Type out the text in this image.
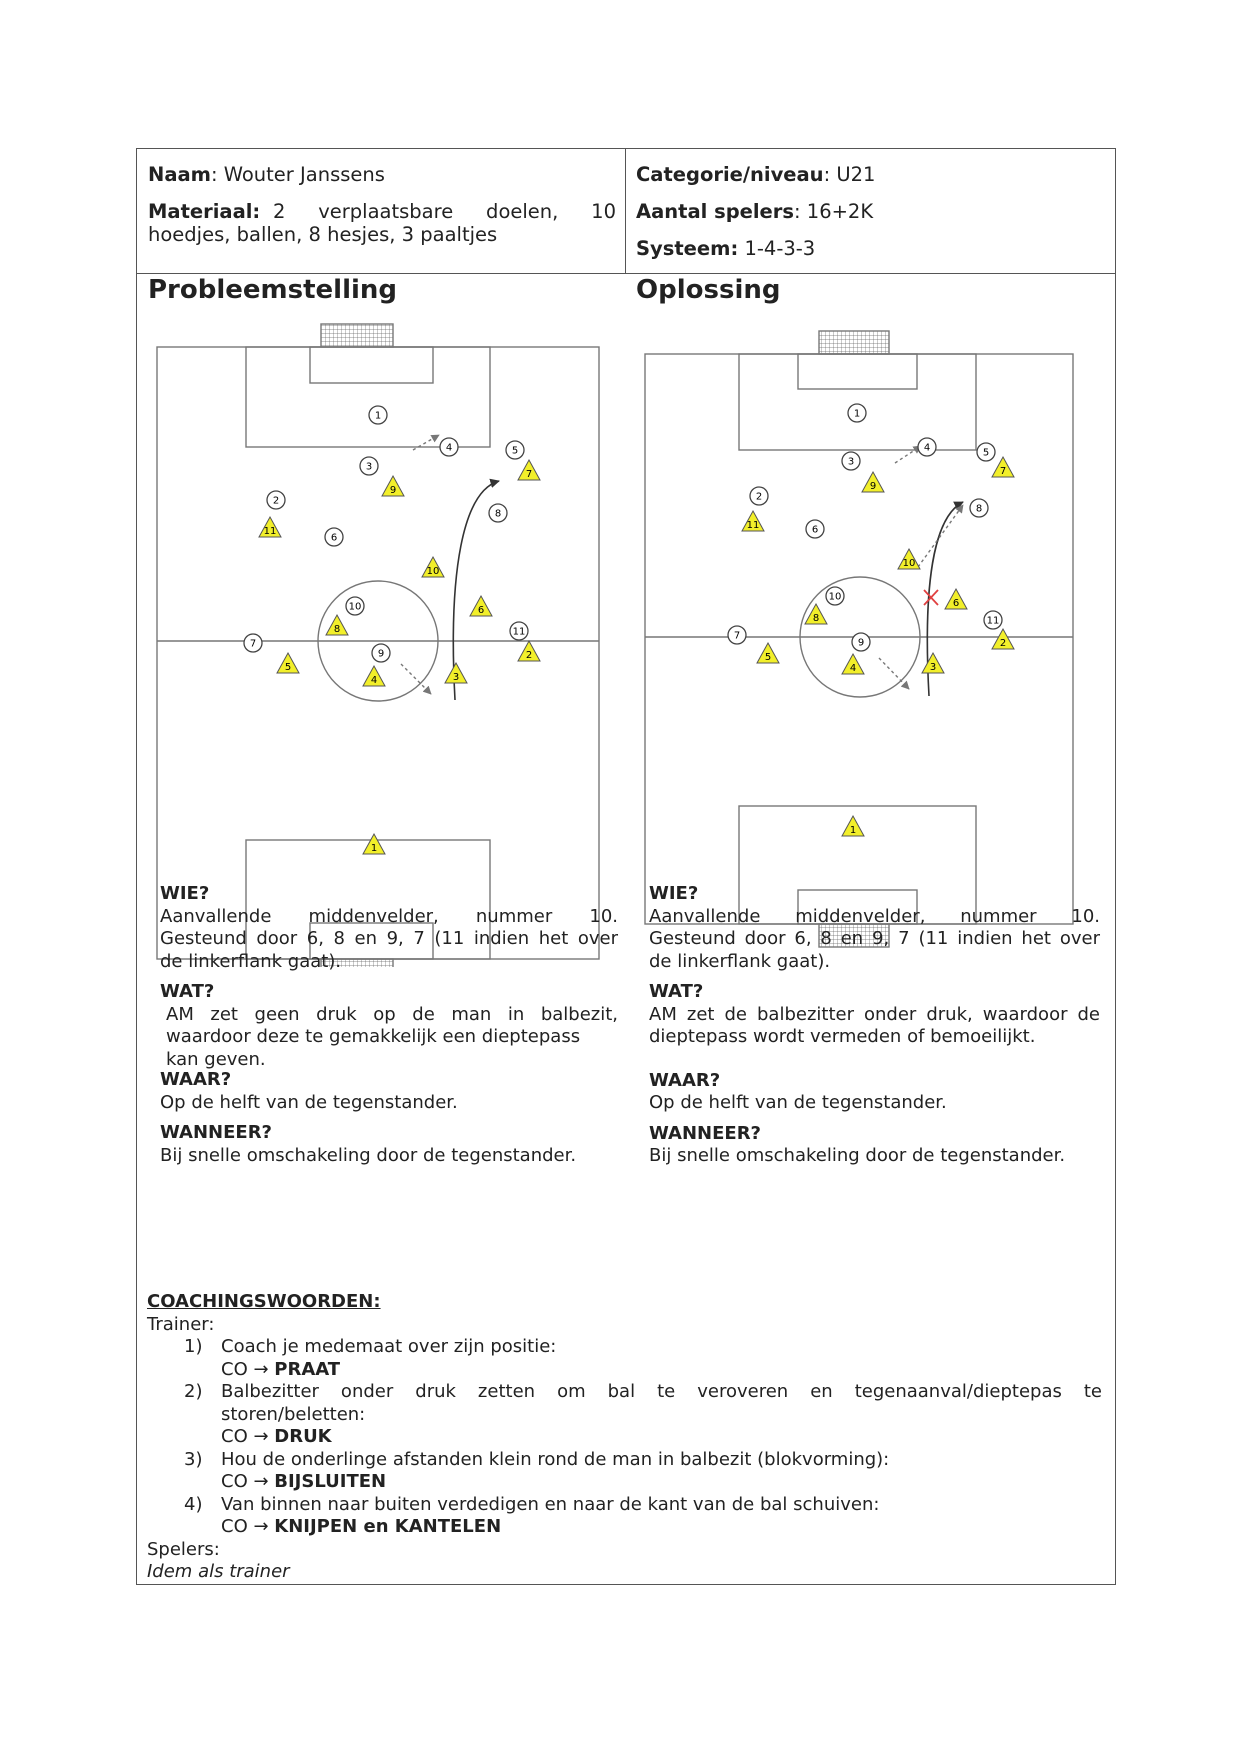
Naam: Wouter Janssens
Materiaal: 2 verplaatsbare doelen, 10
hoedjes, ballen, 8 hesjes, 3 paaltjes
Categorie/niveau: U21
Aantal spelers: 16+2K
Systeem: 1-4-3-3
Probleemstelling	Oplossing
1
4	5
3
2
8
6
10
9
7
11
7
9
11
10
6
8
5
4	3
2
1
1
4	5
3
2
8
6
10
9
7
11
7
9
11
10
6
8
5
4	3
2
1
WIE?
Aanvallende middenvelder, nummer 10.
Gesteund door 6, 8 en 9, 7 (11 indien het over
de linkerflank gaat).
WAT?
AM zet geen druk op de man in balbezit,
waardoor deze te gemakkelijk een dieptepass
kan geven.
WAAR?
Op de helft van de tegenstander.
WANNEER?
Bij snelle omschakeling door de tegenstander.
WIE?
Aanvallende middenvelder, nummer 10.
Gesteund door 6, 8 en 9, 7 (11 indien het over
de linkerflank gaat).
WAT?
AM zet de balbezitter onder druk, waardoor de
dieptepass wordt vermeden of bemoeilijkt.
WAAR?
Op de helft van de tegenstander.
WANNEER?
Bij snelle omschakeling door de tegenstander.
COACHINGSWOORDEN:
Trainer:
1) Coach je medemaat over zijn positie:
CO → PRAAT
2) Balbezitter onder druk zetten om bal te veroveren en tegenaanval/dieptepas te
storen/beletten:
CO → DRUK
3) Hou de onderlinge afstanden klein rond de man in balbezit (blokvorming):
CO → BIJSLUITEN
4) Van binnen naar buiten verdedigen en naar de kant van de bal schuiven:
CO → KNIJPEN en KANTELEN
Spelers:
Idem als trainer
